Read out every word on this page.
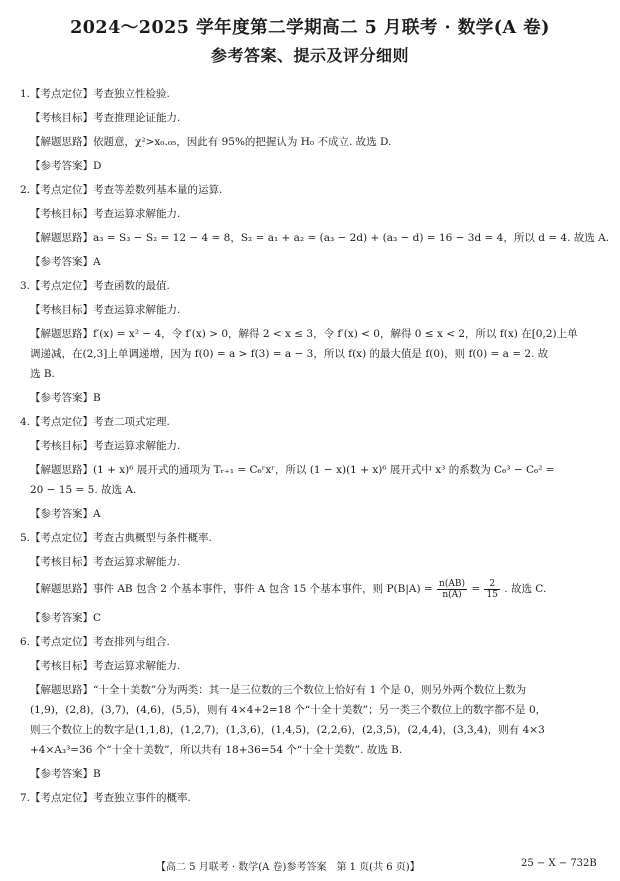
2024～2025 学年度第二学期高二 5 月联考 · 数学(A 卷)
参考答案、提示及评分细则
1.【考点定位】考查独立性检验.
【考核目标】考查推理论证能力.
【解题思路】依题意，χ²>x₀.₀₅，因此有 95%的把握认为 H₀ 不成立. 故选 D.
【参考答案】D
2.【考点定位】考查等差数列基本量的运算.
【考核目标】考查运算求解能力.
【解题思路】a₃ = S₃ − S₂ = 12 − 4 = 8，S₂ = a₁ + a₂ = (a₃ − 2d) + (a₃ − d) = 16 − 3d = 4，所以 d = 4. 故选 A.
【参考答案】A
3.【考点定位】考查函数的最值.
【考核目标】考查运算求解能力.
【解题思路】f′(x) = x² − 4，令 f′(x) > 0，解得 2 < x ≤ 3，令 f′(x) < 0，解得 0 ≤ x < 2，所以 f(x) 在[0,2)上单
调递减，在(2,3]上单调递增，因为 f(0) = a > f(3) = a − 3，所以 f(x) 的最大值是 f(0)，则 f(0) = a = 2. 故
选 B.
【参考答案】B
4.【考点定位】考查二项式定理.
【考核目标】考查运算求解能力.
【解题思路】(1 + x)⁶ 展开式的通项为 Tᵣ₊₁ = C₆ʳxʳ，所以 (1 − x)(1 + x)⁶ 展开式中 x³ 的系数为 C₆³ − C₆² =
20 − 15 = 5. 故选 A.
【参考答案】A
5.【考点定位】考查古典概型与条件概率.
【考核目标】考查运算求解能力.
【解题思路】事件 AB 包含 2 个基本事件，事件 A 包含 15 个基本事件，则 $P(B|A) = \frac{n(AB)}{n(A)} = \frac{2}{15}$ . 故选 C.
【参考答案】C
6.【考点定位】考查排列与组合.
【考核目标】考查运算求解能力.
【解题思路】“十全十美数”分为两类：其一是三位数的三个数位上恰好有 1 个是 0，则另外两个数位上数为
(1,9)，(2,8)，(3,7)，(4,6)，(5,5)，则有 4×4+2=18 个“十全十美数”；另一类三个数位上的数字都不是 0，
则三个数位上的数字是(1,1,8)，(1,2,7)，(1,3,6)，(1,4,5)，(2,2,6)，(2,3,5)，(2,4,4)，(3,3,4)，则有 4×3
+4×A₃³=36 个“十全十美数”，所以共有 18+36=54 个“十全十美数”. 故选 B.
【参考答案】B
7.【考点定位】考查独立事件的概率.
【高二 5 月联考 · 数学(A 卷)参考答案　第 1 页(共 6 页)】	25 − X − 732B
